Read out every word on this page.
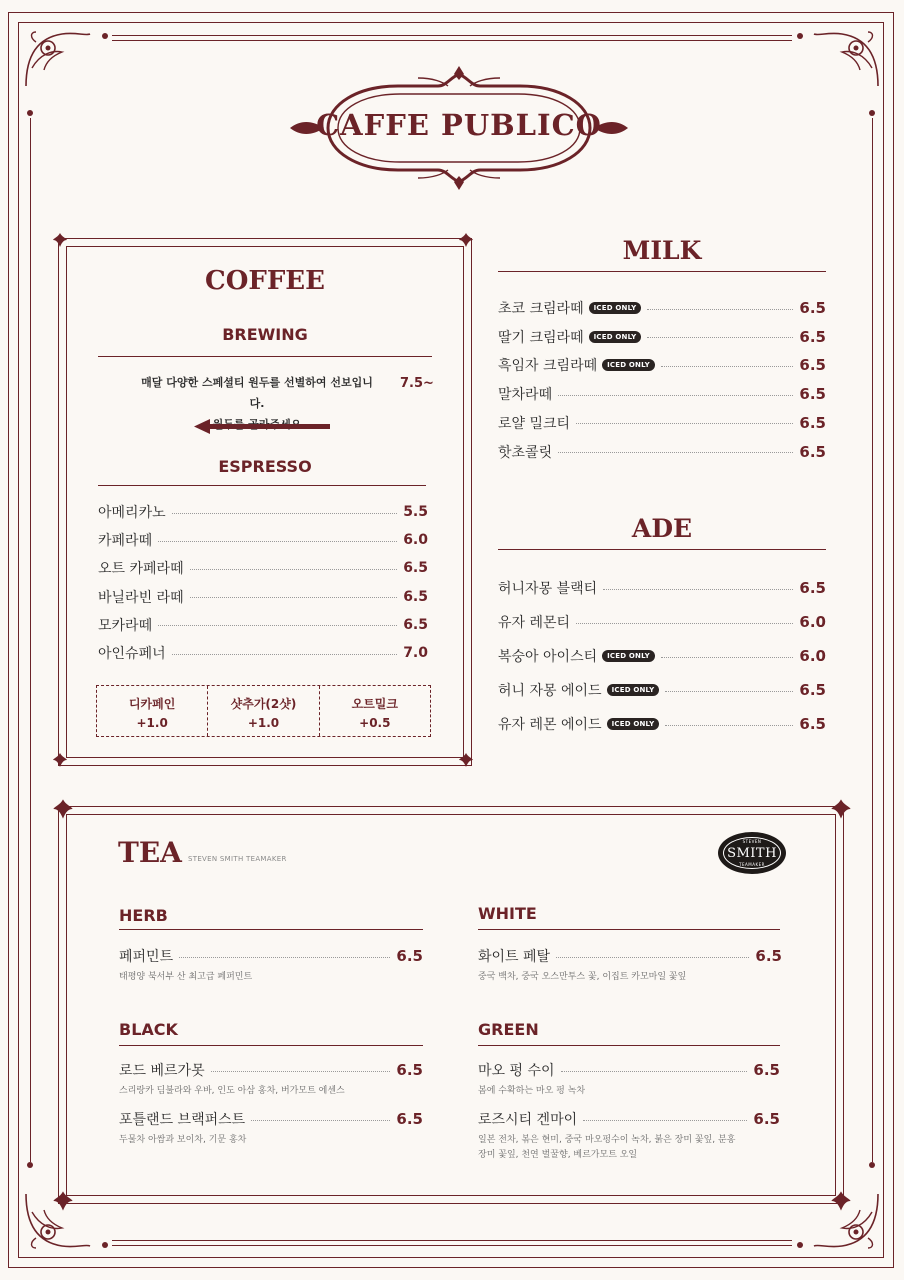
CAFFE PUBLICO
COFFEE
BREWING
매달 다양한 스페셜티 원두를 선별하여 선보입니다.
7.5~
ESPRESSO
아메리카노	5.5
카페라떼	6.0
오트 카페라떼	6.5
바닐라빈 라떼	6.5
모카라떼	6.5
아인슈페너	7.0
디카페인
+1.0
샷추가(2샷)
+1.0
오트밀크
+0.5
MILK
초코 크림라떼	ICED ONLY	6.5
딸기 크림라떼	ICED ONLY	6.5
흑임자 크림라떼	ICED ONLY	6.5
말차라떼	6.5
로얄 밀크티	6.5
핫초콜릿	6.5
ADE
허니자몽 블랙티	6.5
유자 레몬티	6.0
복숭아 아이스티	ICED ONLY	6.0
허니 자몽 에이드	ICED ONLY	6.5
유자 레몬 에이드	ICED ONLY	6.5
TEA STEVEN SMITH TEAMAKER
STEVEN
SMITH
TEAMAKER
HERB	WHITE
BLACK	GREEN
페퍼민트	6.5
태평양 북서부 산 최고급 페퍼민트
로드 베르가못	6.5
스리랑카 딤불라와 우바, 인도 아삼 홍차, 버가모트 에센스
포틀랜드 브랙퍼스트	6.5
두물차 아쌈과 보이차, 기문 홍차
화이트 페탈	6.5
중국 백차, 중국 오스만투스 꽃, 이집트 카모마일 꽃잎
마오 펑 수이	6.5
봄에 수확하는 마오 펑 녹차
로즈시티 겐마이	6.5
일본 전차, 볶은 현미, 중국 마오펑수이 녹차, 붉은 장미 꽃잎, 분홍
장미 꽃잎, 천연 벌꿀향, 베르가모트 오일
